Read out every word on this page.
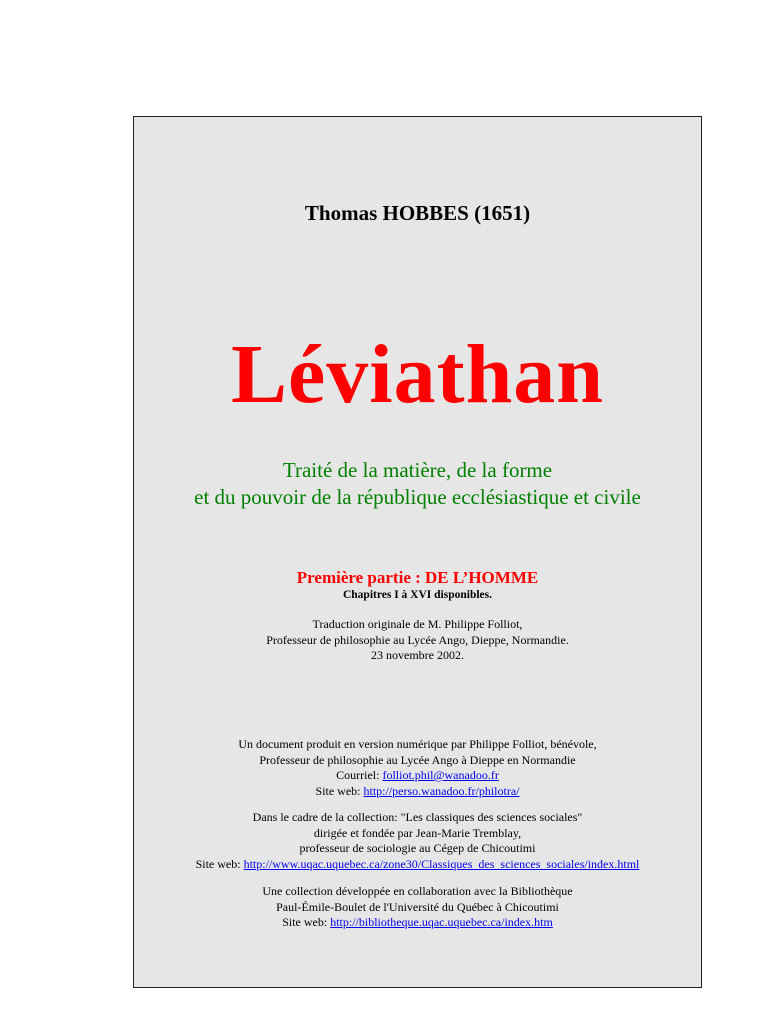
Thomas HOBBES (1651)
Léviathan
Traité de la matière, de la forme
et du pouvoir de la république ecclésiastique et civile
Première partie : DE L’HOMME
Chapitres I à XVI disponibles.
Traduction originale de M. Philippe Folliot,
Professeur de philosophie au Lycée Ango, Dieppe, Normandie.
23 novembre 2002.
Un document produit en version numérique par Philippe Folliot, bénévole,
Professeur de philosophie au Lycée Ango à Dieppe en Normandie
Courriel: folliot.phil@wanadoo.fr
Site web: http://perso.wanadoo.fr/philotra/
Dans le cadre de la collection: "Les classiques des sciences sociales"
dirigée et fondée par Jean-Marie Tremblay,
professeur de sociologie au Cégep de Chicoutimi
Site web: http://www.uqac.uquebec.ca/zone30/Classiques_des_sciences_sociales/index.html
Une collection développée en collaboration avec la Bibliothèque
Paul-Émile-Boulet de l'Université du Québec à Chicoutimi
Site web: http://bibliotheque.uqac.uquebec.ca/index.htm
